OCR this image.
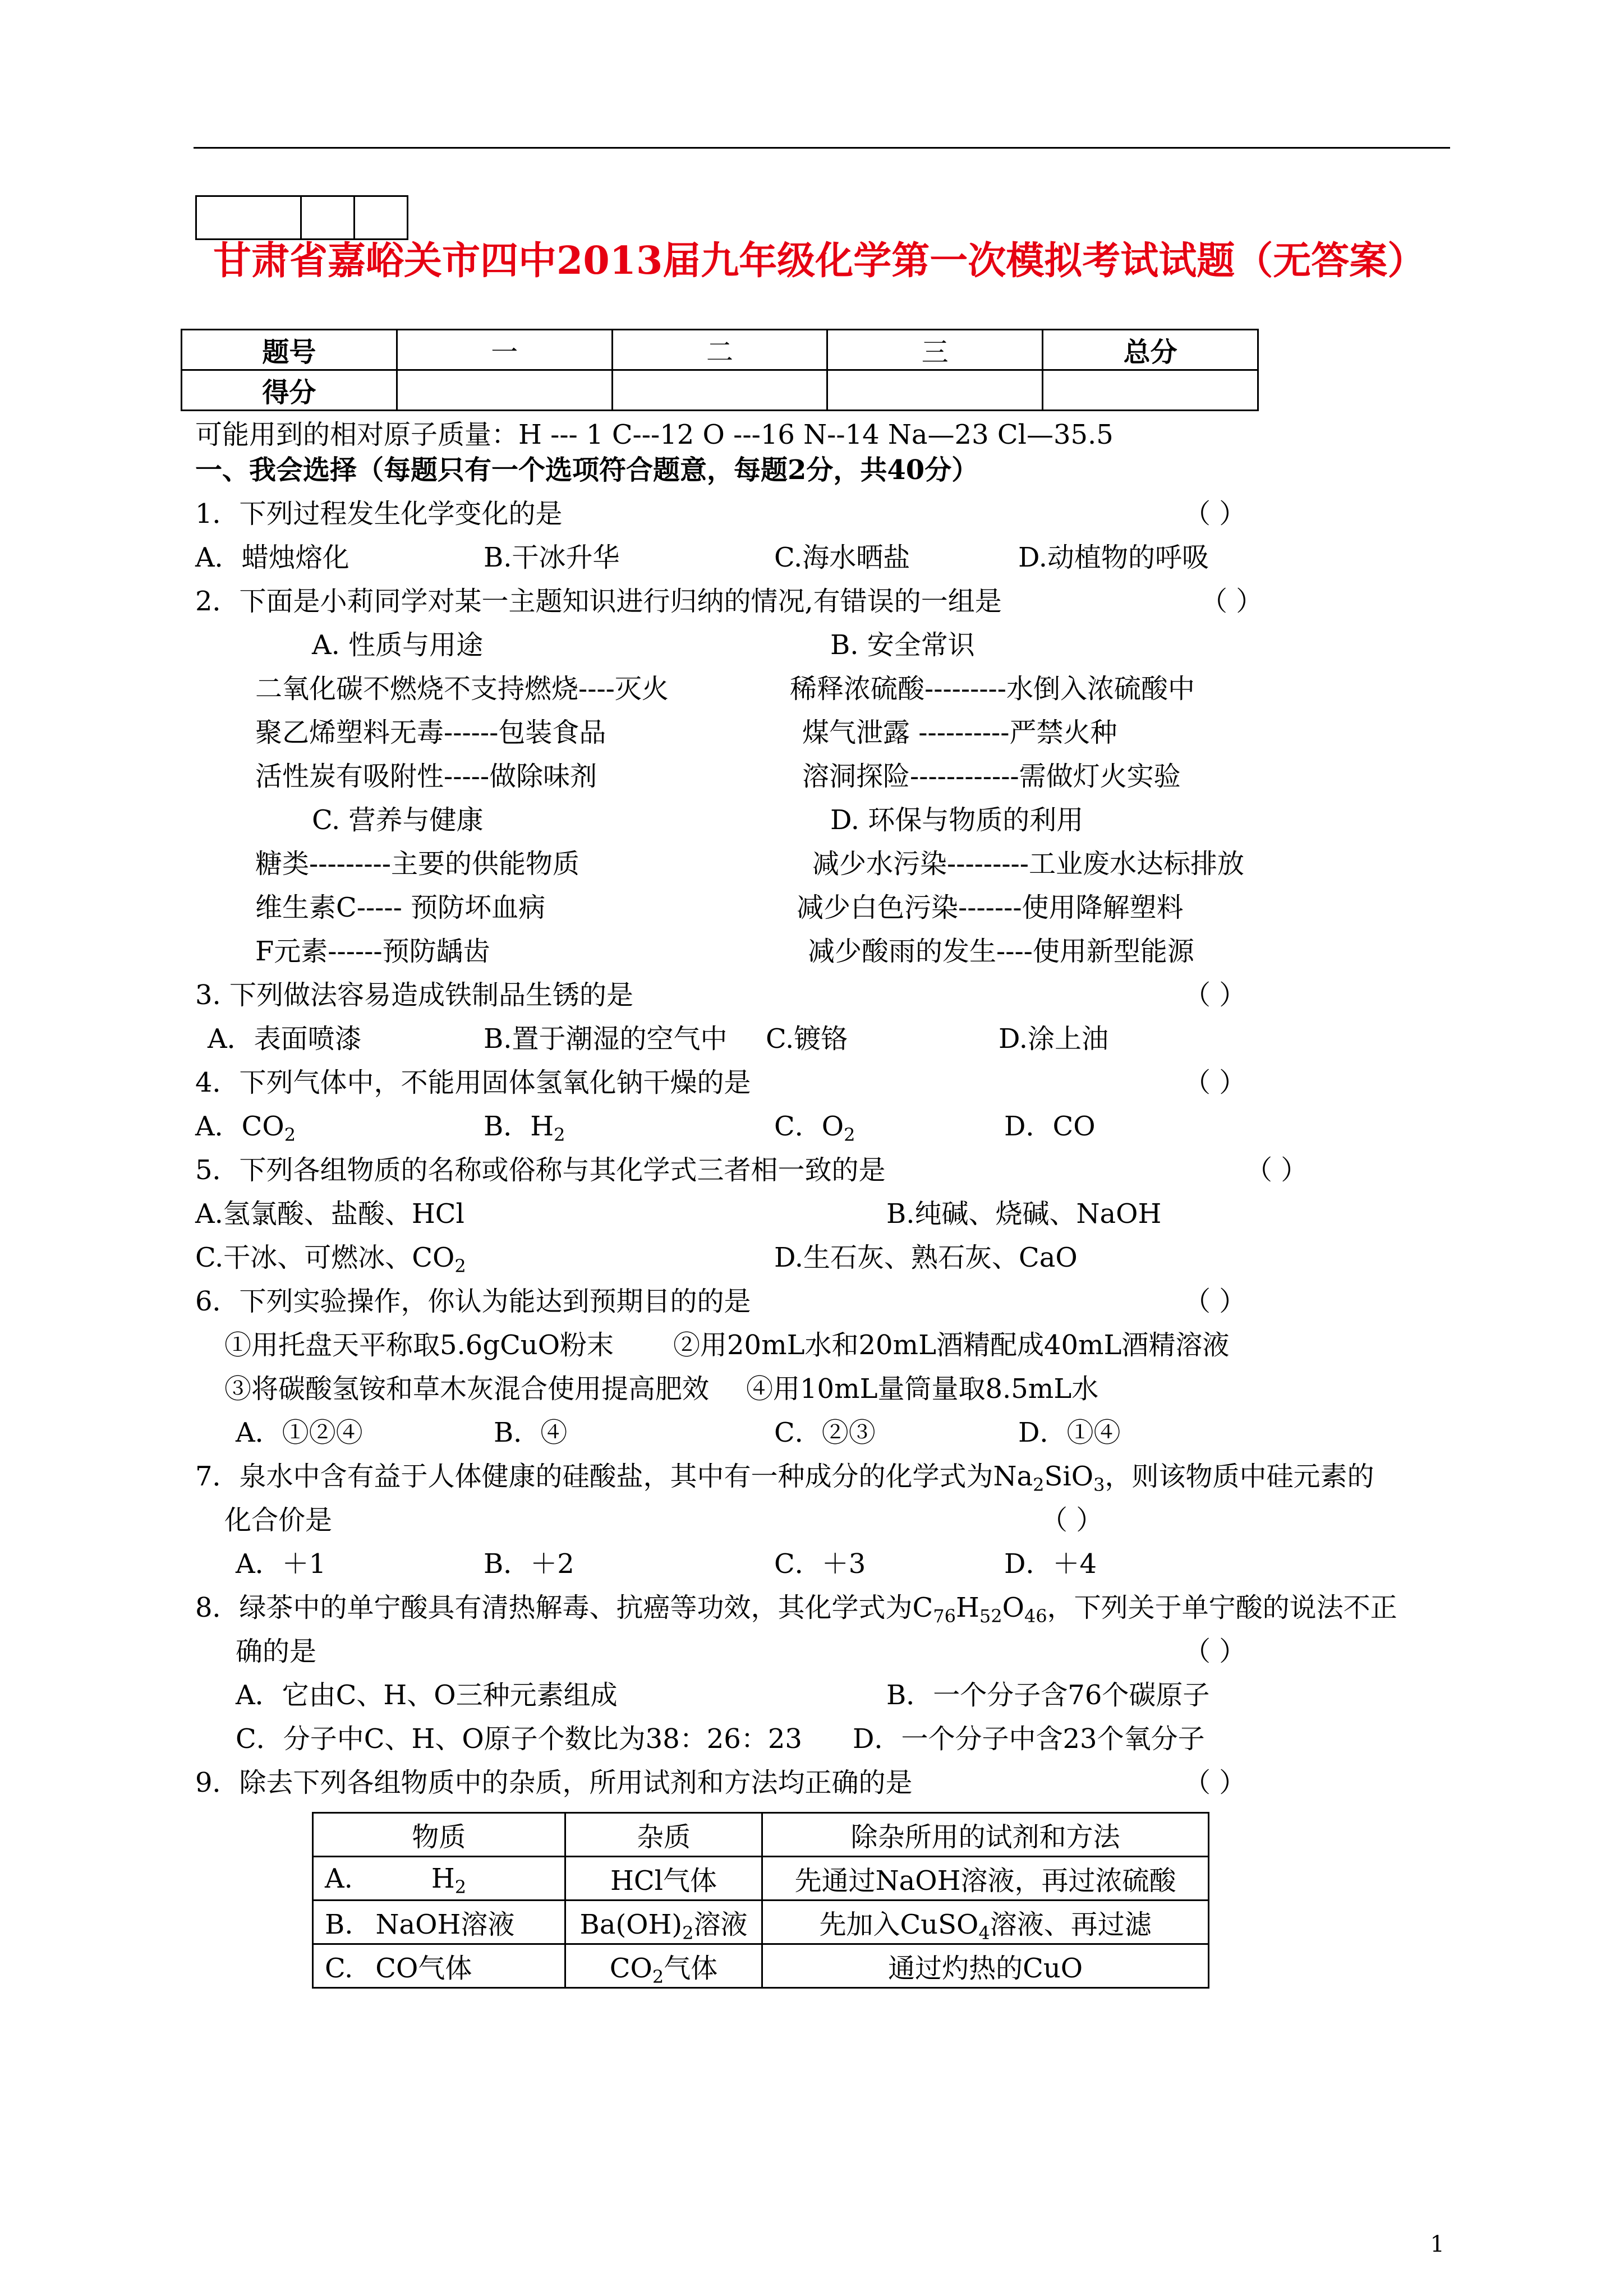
甘肃省嘉峪关市四中2013届九年级化学第一次模拟考试试题（无答案）
题号	一	二	三	总分
得分				
可能用到的相对原子质量：H --- 1 C---12 O ---16 N--14 Na—23 Cl—35.5
一、我会选择（每题只有一个选项符合题意，每题2分，共40分）
1．下列过程发生化学变化的是	（ ）
A．蜡烛熔化	B.干冰升华	C.海水晒盐	D.动植物的呼吸
2．下面是小莉同学对某一主题知识进行归纳的情况,有错误的一组是	（ ）
A. 性质与用途	B. 安全常识
二氧化碳不燃烧不支持燃烧----灭火	稀释浓硫酸---------水倒入浓硫酸中
聚乙烯塑料无毒------包装食品	煤气泄露 ----------严禁火种
活性炭有吸附性-----做除味剂	溶洞探险------------需做灯火实验
C. 营养与健康	D. 环保与物质的利用
糖类---------主要的供能物质	减少水污染---------工业废水达标排放
维生素C----- 预防坏血病	减少白色污染-------使用降解塑料
F元素------预防龋齿	减少酸雨的发生----使用新型能源
3. 下列做法容易造成铁制品生锈的是	（ ）
A．表面喷漆	B.置于潮湿的空气中 C.镀铬	D.涂上油
4．下列气体中，不能用固体氢氧化钠干燥的是	（ ）
A．$CO_2$	B．$H_2$	C．$O_2$	D．CO
5．下列各组物质的名称或俗称与其化学式三者相一致的是	（ ）
A.氢氯酸、盐酸、HCl	B.纯碱、烧碱、NaOH
C.干冰、可燃冰、$CO_2$	D.生石灰、熟石灰、CaO
6．下列实验操作，你认为能达到预期目的的是	（ ）
①用托盘天平称取5.6gCuO粉末 ②用20mL水和20mL酒精配成40mL酒精溶液
③将碳酸氢铵和草木灰混合使用提高肥效 ④用10mL量筒量取8.5mL水
A．①②④	B．④	C．②③	D．①④
7．泉水中含有益于人体健康的硅酸盐，其中有一种成分的化学式为$Na_2SiO_3$，则该物质中硅元素的
化合价是	（ ）
A．＋1	B．＋2	C．＋3	D．＋4
8．绿茶中的单宁酸具有清热解毒、抗癌等功效，其化学式为$C_{76}H_{52}O_{46}$，下列关于单宁酸的说法不正
确的是	（ ）
A．它由C、H、O三种元素组成	B．一个分子含76个碳原子
C．分子中C、H、O原子个数比为38：26：23 D．一个分子中含23个氧分子
9．除去下列各组物质中的杂质，所用试剂和方法均正确的是	（ ）
物质	杂质	除杂所用的试剂和方法
A. $H_2$	HCl气体	先通过NaOH溶液，再过浓硫酸
B. NaOH溶液	$Ba(OH)_2$溶液	先加入CuSO$_4$溶液、再过滤
C. CO气体	$CO_2$气体	通过灼热的CuO
1
